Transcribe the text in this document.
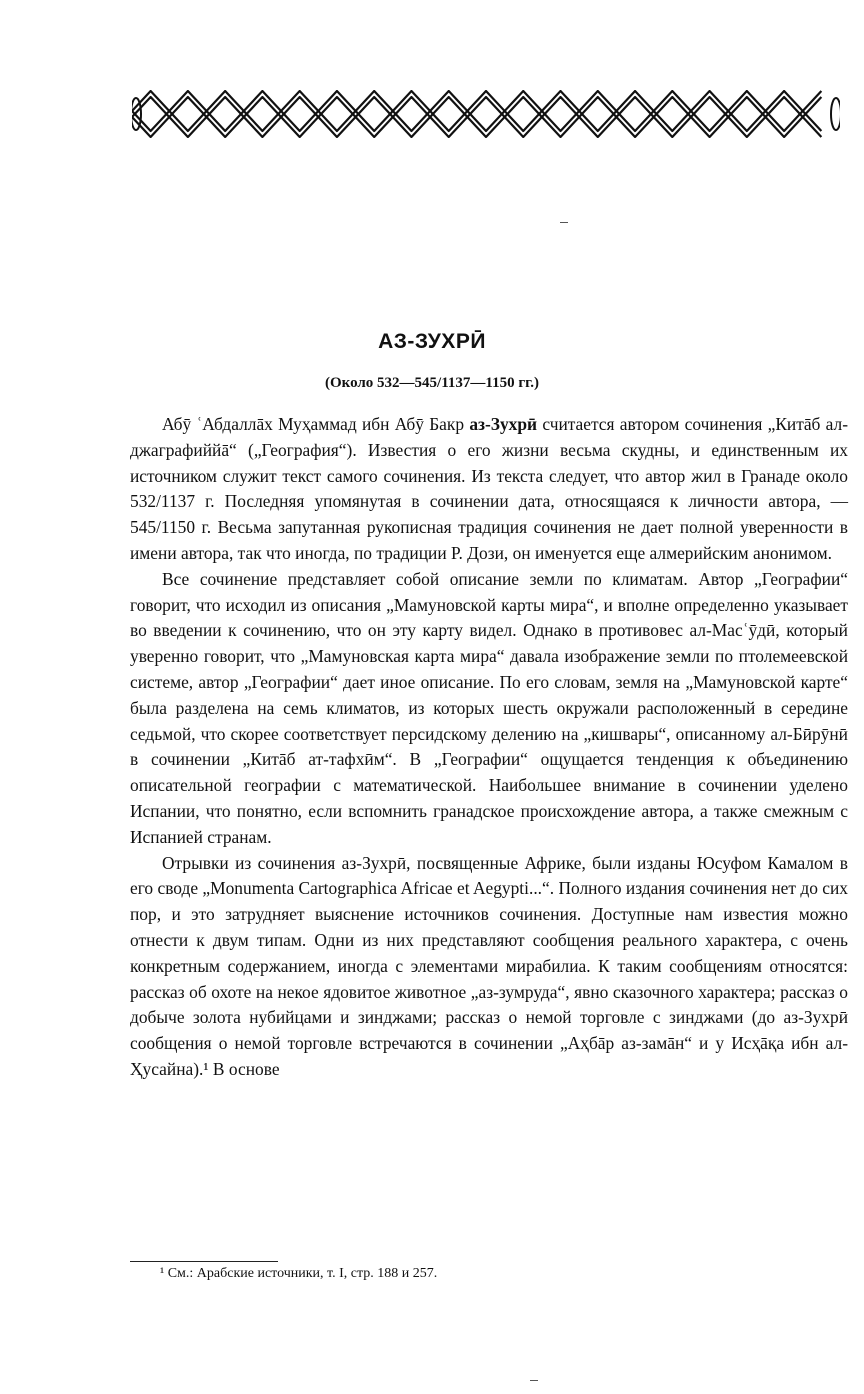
АЗ-ЗУХРӢ
(Около 532—545/1137—1150 гг.)

Абӯ ʿАбдаллāх Муҳаммад ибн Абӯ Бакр аз-Зухрӣ считается автором сочинения „Китāб ал-джаграфиййā“ („География“). Известия о его жизни весьма скудны, и единственным их источником служит текст самого сочинения. Из текста следует, что автор жил в Гранаде около 532/1137 г. Последняя упомянутая в сочинении дата, относящаяся к личности автора, — 545/1150 г. Весьма запутанная рукописная традиция сочинения не дает полной уверенности в имени автора, так что иногда, по традиции Р. Дози, он именуется еще алмерийским анонимом.

Все сочинение представляет собой описание земли по климатам. Автор „Географии“ говорит, что исходил из описания „Мамуновской карты мира“, и вполне определенно указывает во введении к сочинению, что он эту карту видел. Однако в противовес ал-Масʿӯдӣ, который уверенно говорит, что „Мамуновская карта мира“ давала изображение земли по птолемеевской системе, автор „Географии“ дает иное описание. По его словам, земля на „Мамуновской карте“ была разделена на семь климатов, из которых шесть окружали расположенный в середине седьмой, что скорее соответствует персидскому делению на „кишвары“, описанному ал-Бӣрӯнӣ в сочинении „Китāб ат-тафхӣм“. В „Географии“ ощущается тенденция к объединению описательной географии с математической. Наибольшее внимание в сочинении уделено Испании, что понятно, если вспомнить гранадское происхождение автора, а также смежным с Испанией странам.

Отрывки из сочинения аз-Зухрӣ, посвященные Африке, были изданы Юсуфом Камалом в его своде „Monumenta Cartographica Africae et Aegypti...“. Полного издания сочинения нет до сих пор, и это затрудняет выяснение источников сочинения. Доступные нам известия можно отнести к двум типам. Одни из них представляют сообщения реального характера, с очень конкретным содержанием, иногда с элементами мирабилиа. К таким сообщениям относятся: рассказ об охоте на некое ядовитое животное „аз-зумруда“, явно сказочного характера; рассказ о добыче золота нубийцами и зинджами; рассказ о немой торговле с зинджами (до аз-Зухрӣ сообщения о немой торговле встречаются в сочинении „Аҳбāр аз-замāн“ и у Исҳāқа ибн ал-Ҳусайна).¹ В основе

¹ См.: Арабские источники, т. I, стр. 188 и 257.
